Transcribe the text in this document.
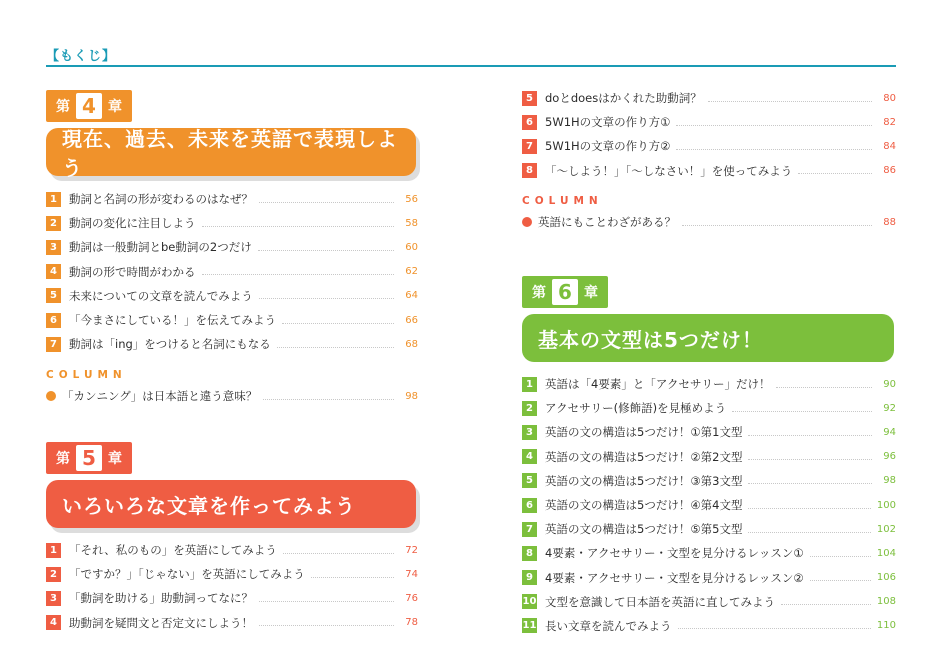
【もくじ】
第 4 章
現在、過去、未来を英語で表現しよう
1	動詞と名詞の形が変わるのはなぜ？	56
2	動詞の変化に注目しよう	58
3	動詞は一般動詞とbe動詞の2つだけ	60
4	動詞の形で時間がわかる	62
5	未来についての文章を読んでみよう	64
6	「今まさにしている！」を伝えてみよう	66
7	動詞は「ing」をつけると名詞にもなる	68
COLUMN
「カンニング」は日本語と違う意味？	98
第 5 章
いろいろな文章を作ってみよう
1	「それ、私のもの」を英語にしてみよう	72
2	「ですか？」「じゃない」を英語にしてみよう	74
3	「動詞を助ける」助動詞ってなに？	76
4	助動詞を疑問文と否定文にしよう！	78
5	doとdoesはかくれた助動詞？	80
6	5W1Hの文章の作り方①	82
7	5W1Hの文章の作り方②	84
8	「～しよう！」「～しなさい！」を使ってみよう	86
COLUMN
英語にもことわざがある？	88
第 6 章
基本の文型は5つだけ！
1	英語は「4要素」と「アクセサリー」だけ！	90
2	アクセサリー(修飾語)を見極めよう	92
3	英語の文の構造は5つだけ！①第1文型	94
4	英語の文の構造は5つだけ！②第2文型	96
5	英語の文の構造は5つだけ！③第3文型	98
6	英語の文の構造は5つだけ！④第4文型	100
7	英語の文の構造は5つだけ！⑤第5文型	102
8	4要素・アクセサリー・文型を見分けるレッスン①	104
9	4要素・アクセサリー・文型を見分けるレッスン②	106
10 文型を意識して日本語を英語に直してみよう	108
11 長い文章を読んでみよう	110
